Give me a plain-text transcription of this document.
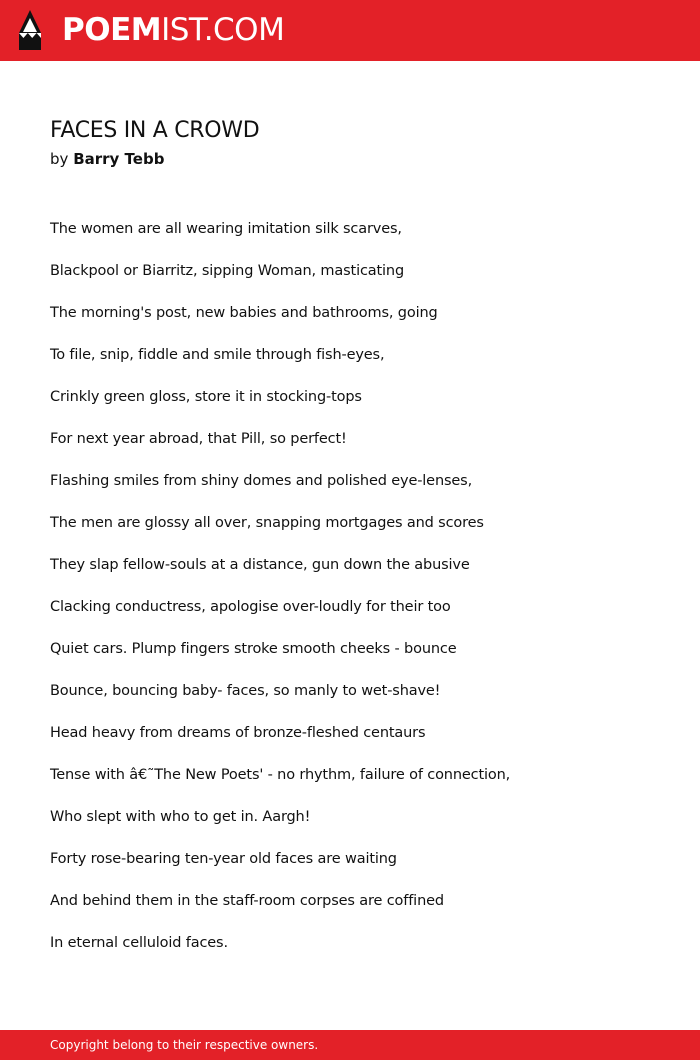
POEMIST.COM
FACES IN A CROWD
by Barry Tebb
The women are all wearing imitation silk scarves,
Blackpool or Biarritz, sipping Woman, masticating
The morning's post, new babies and bathrooms, going
To file, snip, fiddle and smile through fish-eyes,
Crinkly green gloss, store it in stocking-tops
For next year abroad, that Pill, so perfect!
Flashing smiles from shiny domes and polished eye-lenses,
The men are glossy all over, snapping mortgages and scores
They slap fellow-souls at a distance, gun down the abusive
Clacking conductress, apologise over-loudly for their too
Quiet cars. Plump fingers stroke smooth cheeks - bounce
Bounce, bouncing baby- faces, so manly to wet-shave!
Head heavy from dreams of bronze-fleshed centaurs
Tense with â€˜The New Poets' - no rhythm, failure of connection,
Who slept with who to get in. Aargh!
Forty rose-bearing ten-year old faces are waiting
And behind them in the staff-room corpses are coffined
In eternal celluloid faces.
Copyright belong to their respective owners.
